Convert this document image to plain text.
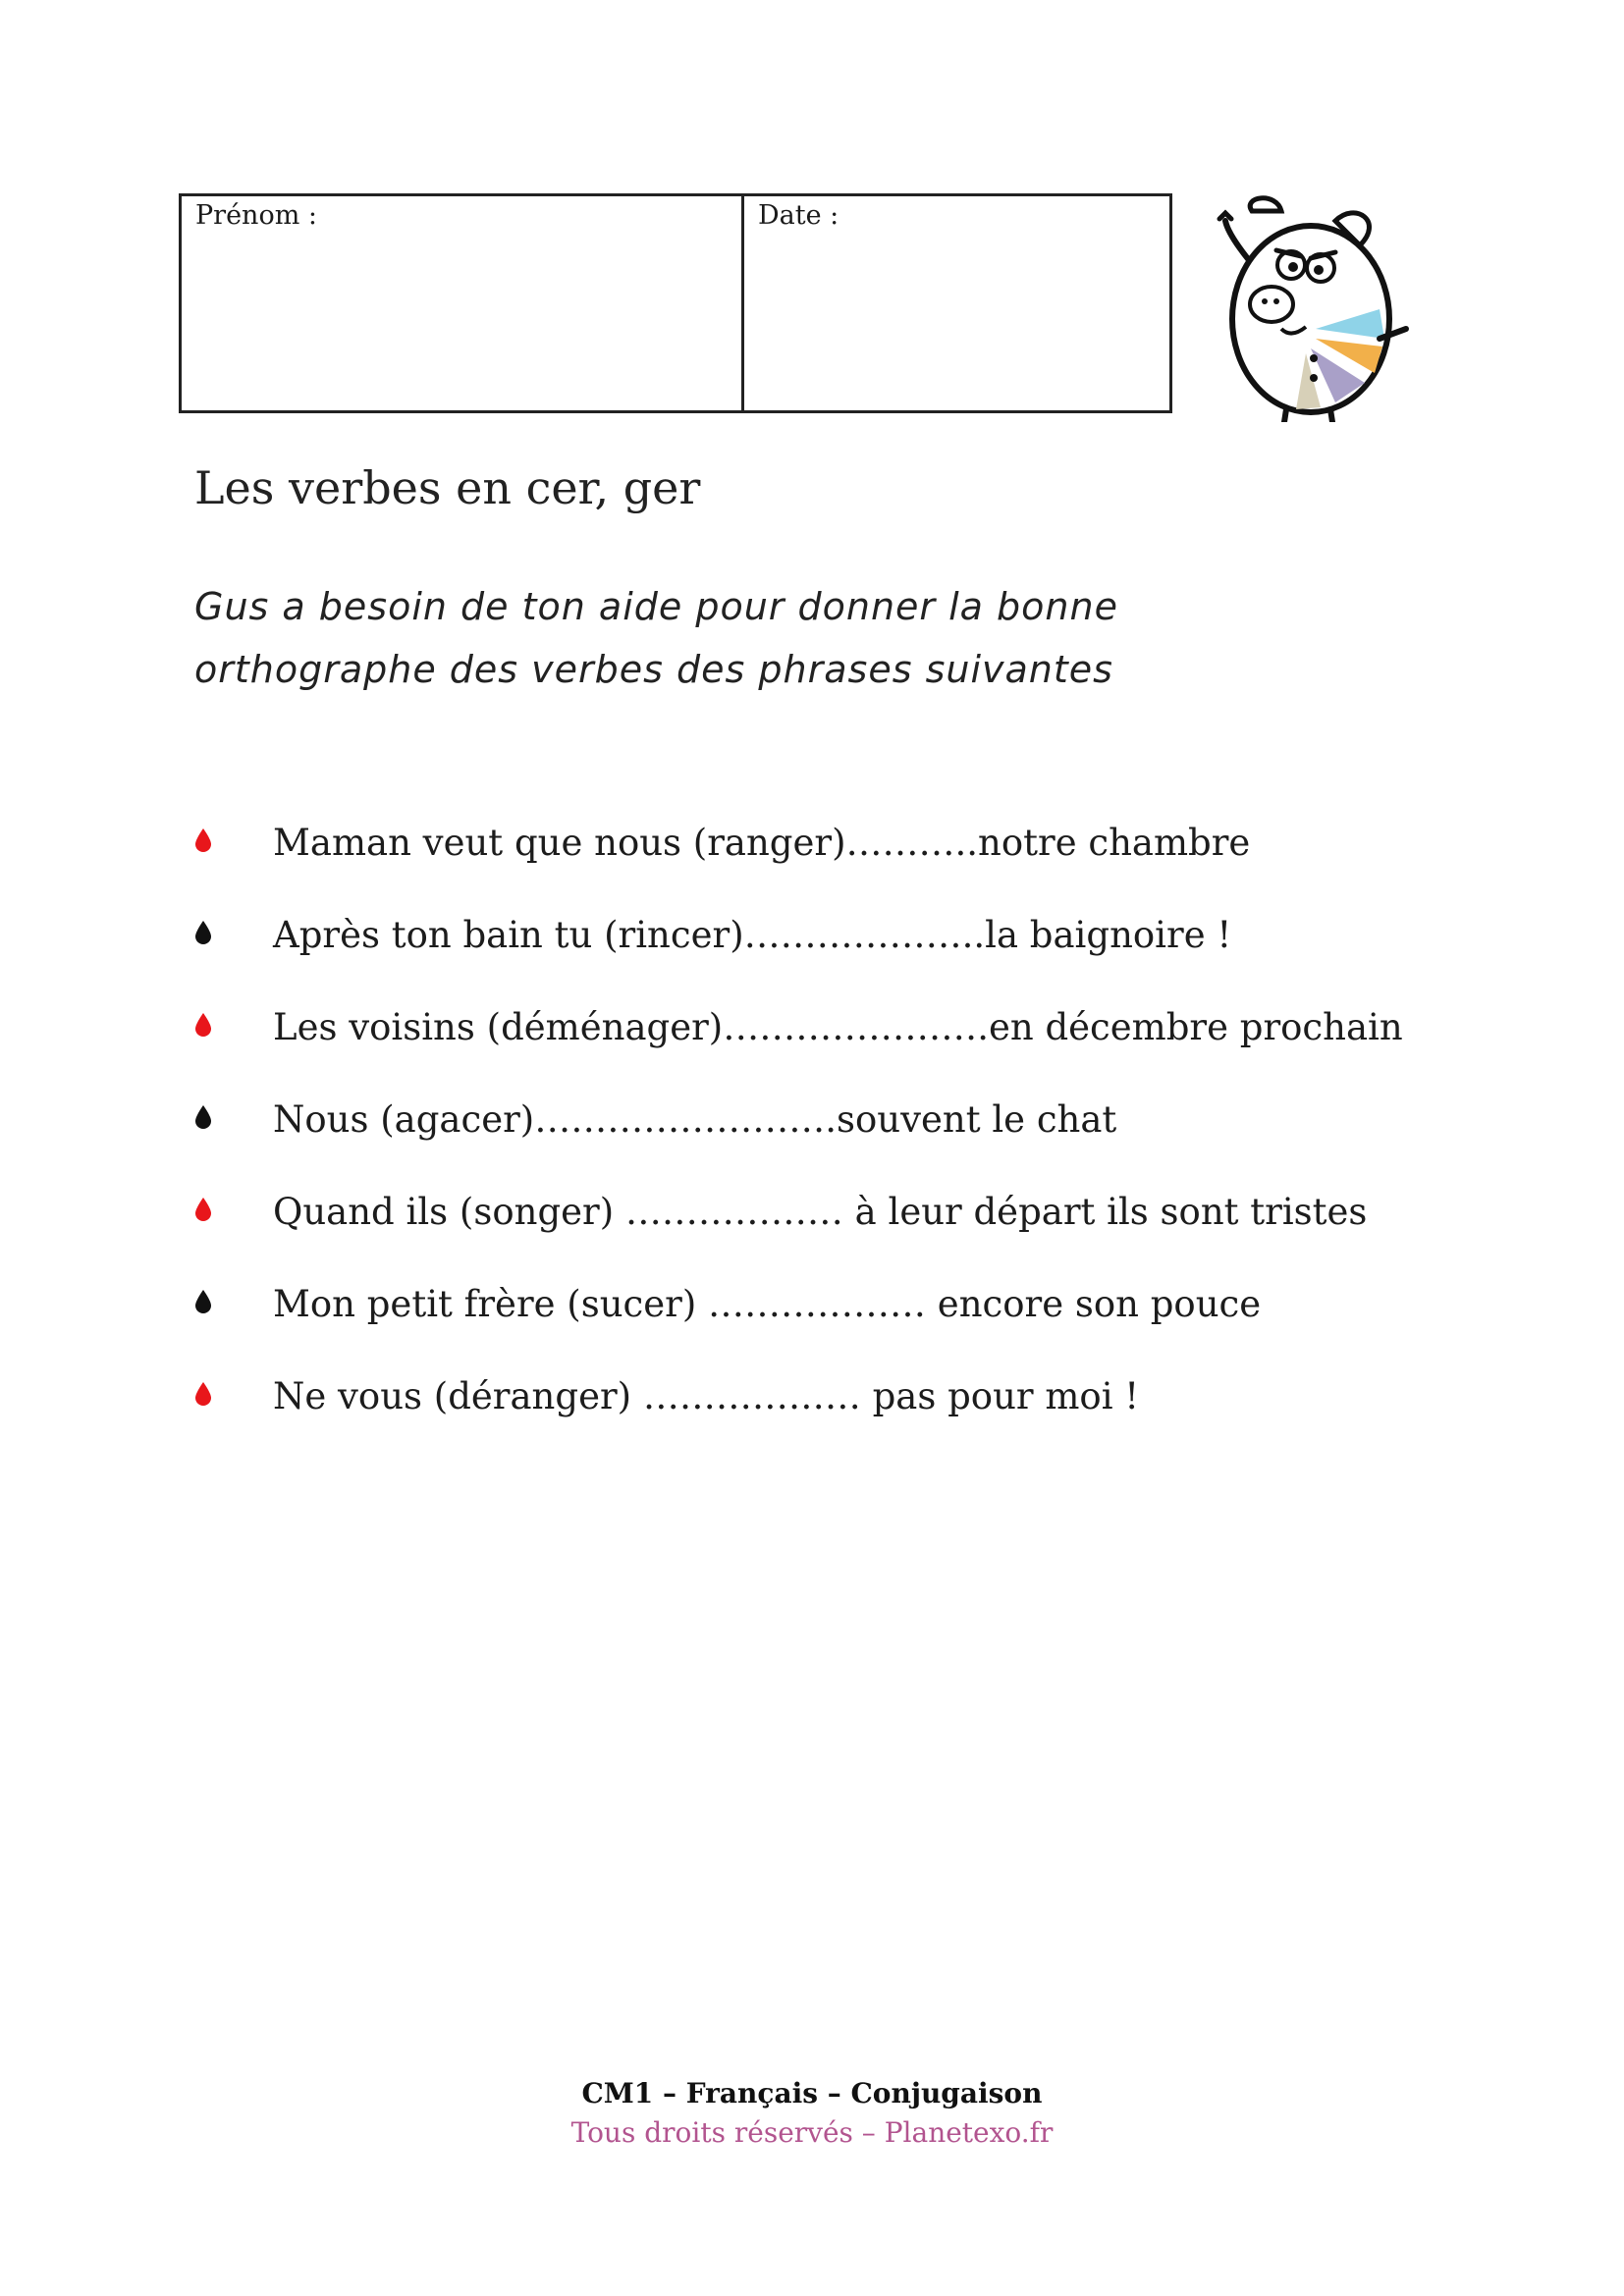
Prénom :	Date :
Les verbes en cer, ger
Gus a besoin de ton aide pour donner la bonne
orthographe des verbes des phrases suivantes
Maman veut que nous (ranger)………..notre chambre
Après ton bain tu (rincer)………………..la baignoire !
Les voisins (déménager)………………….en décembre prochain
Nous (agacer)…………………….souvent le chat
Quand ils (songer) ……………… à leur départ ils sont tristes
Mon petit frère (sucer) ……………… encore son pouce
Ne vous (déranger) ……………… pas pour moi !
CM1 – Français – Conjugaison
Tous droits réservés – Planetexo.fr
